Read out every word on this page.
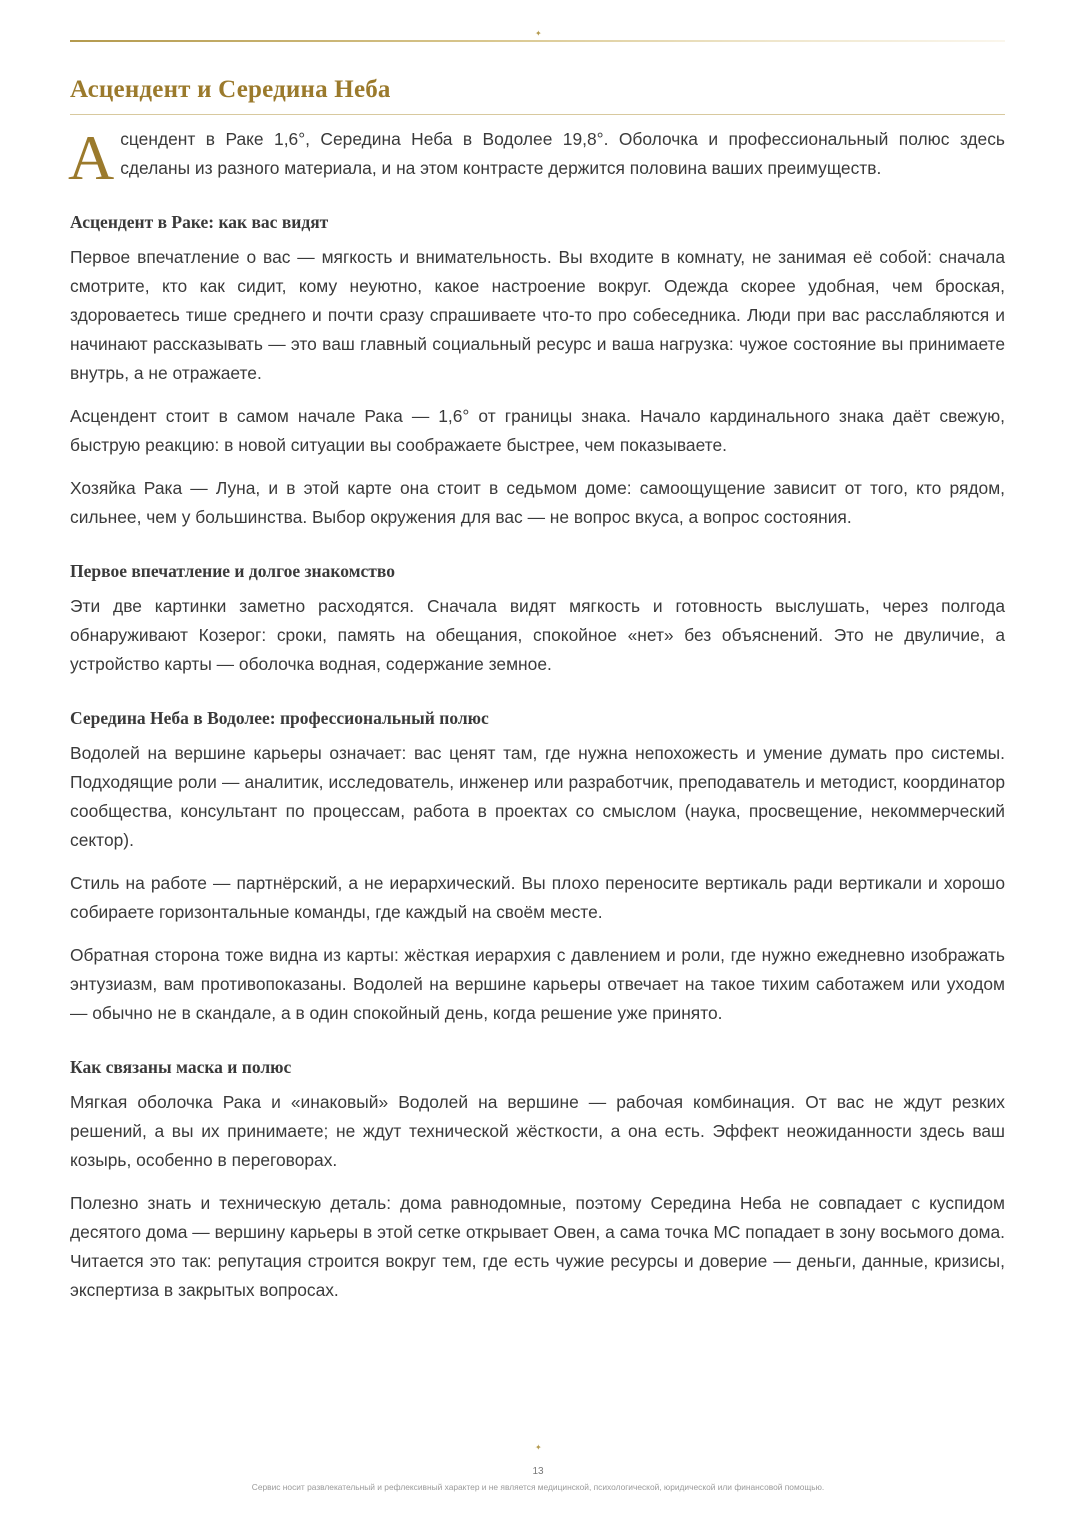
✦
Асцендент и Середина Неба

Асцендент в Раке 1,6°, Середина Неба в Водолее 19,8°. Оболочка и профессиональный полюс здесь сделаны из разного материала, и на этом контрасте держится половина ваших преимуществ.

Асцендент в Раке: как вас видят

Первое впечатление о вас — мягкость и внимательность. Вы входите в комнату, не занимая её собой: сначала смотрите, кто как сидит, кому неуютно, какое настроение вокруг. Одежда скорее удобная, чем броская, здороваетесь тише среднего и почти сразу спрашиваете что-то про собеседника. Люди при вас расслабляются и начинают рассказывать — это ваш главный социальный ресурс и ваша нагрузка: чужое состояние вы принимаете внутрь, а не отражаете.

Асцендент стоит в самом начале Рака — 1,6° от границы знака. Начало кардинального знака даёт свежую, быструю реакцию: в новой ситуации вы соображаете быстрее, чем показываете.

Хозяйка Рака — Луна, и в этой карте она стоит в седьмом доме: самоощущение зависит от того, кто рядом, сильнее, чем у большинства. Выбор окружения для вас — не вопрос вкуса, а вопрос состояния.

Первое впечатление и долгое знакомство

Эти две картинки заметно расходятся. Сначала видят мягкость и готовность выслушать, через полгода обнаруживают Козерог: сроки, память на обещания, спокойное «нет» без объяснений. Это не двуличие, а устройство карты — оболочка водная, содержание земное.

Середина Неба в Водолее: профессиональный полюс

Водолей на вершине карьеры означает: вас ценят там, где нужна непохожесть и умение думать про системы. Подходящие роли — аналитик, исследователь, инженер или разработчик, преподаватель и методист, координатор сообщества, консультант по процессам, работа в проектах со смыслом (наука, просвещение, некоммерческий сектор).

Стиль на работе — партнёрский, а не иерархический. Вы плохо переносите вертикаль ради вертикали и хорошо собираете горизонтальные команды, где каждый на своём месте.

Обратная сторона тоже видна из карты: жёсткая иерархия с давлением и роли, где нужно ежедневно изображать энтузиазм, вам противопоказаны. Водолей на вершине карьеры отвечает на такое тихим саботажем или уходом — обычно не в скандале, а в один спокойный день, когда решение уже принято.

Как связаны маска и полюс

Мягкая оболочка Рака и «инаковый» Водолей на вершине — рабочая комбинация. От вас не ждут резких решений, а вы их принимаете; не ждут технической жёсткости, а она есть. Эффект неожиданности здесь ваш козырь, особенно в переговорах.

Полезно знать и техническую деталь: дома равнодомные, поэтому Середина Неба не совпадает с куспидом десятого дома — вершину карьеры в этой сетке открывает Овен, а сама точка MC попадает в зону восьмого дома. Читается это так: репутация строится вокруг тем, где есть чужие ресурсы и доверие — деньги, данные, кризисы, экспертиза в закрытых вопросах.

✦
13
Сервис носит развлекательный и рефлексивный характер и не является медицинской, психологической, юридической или финансовой помощью.
